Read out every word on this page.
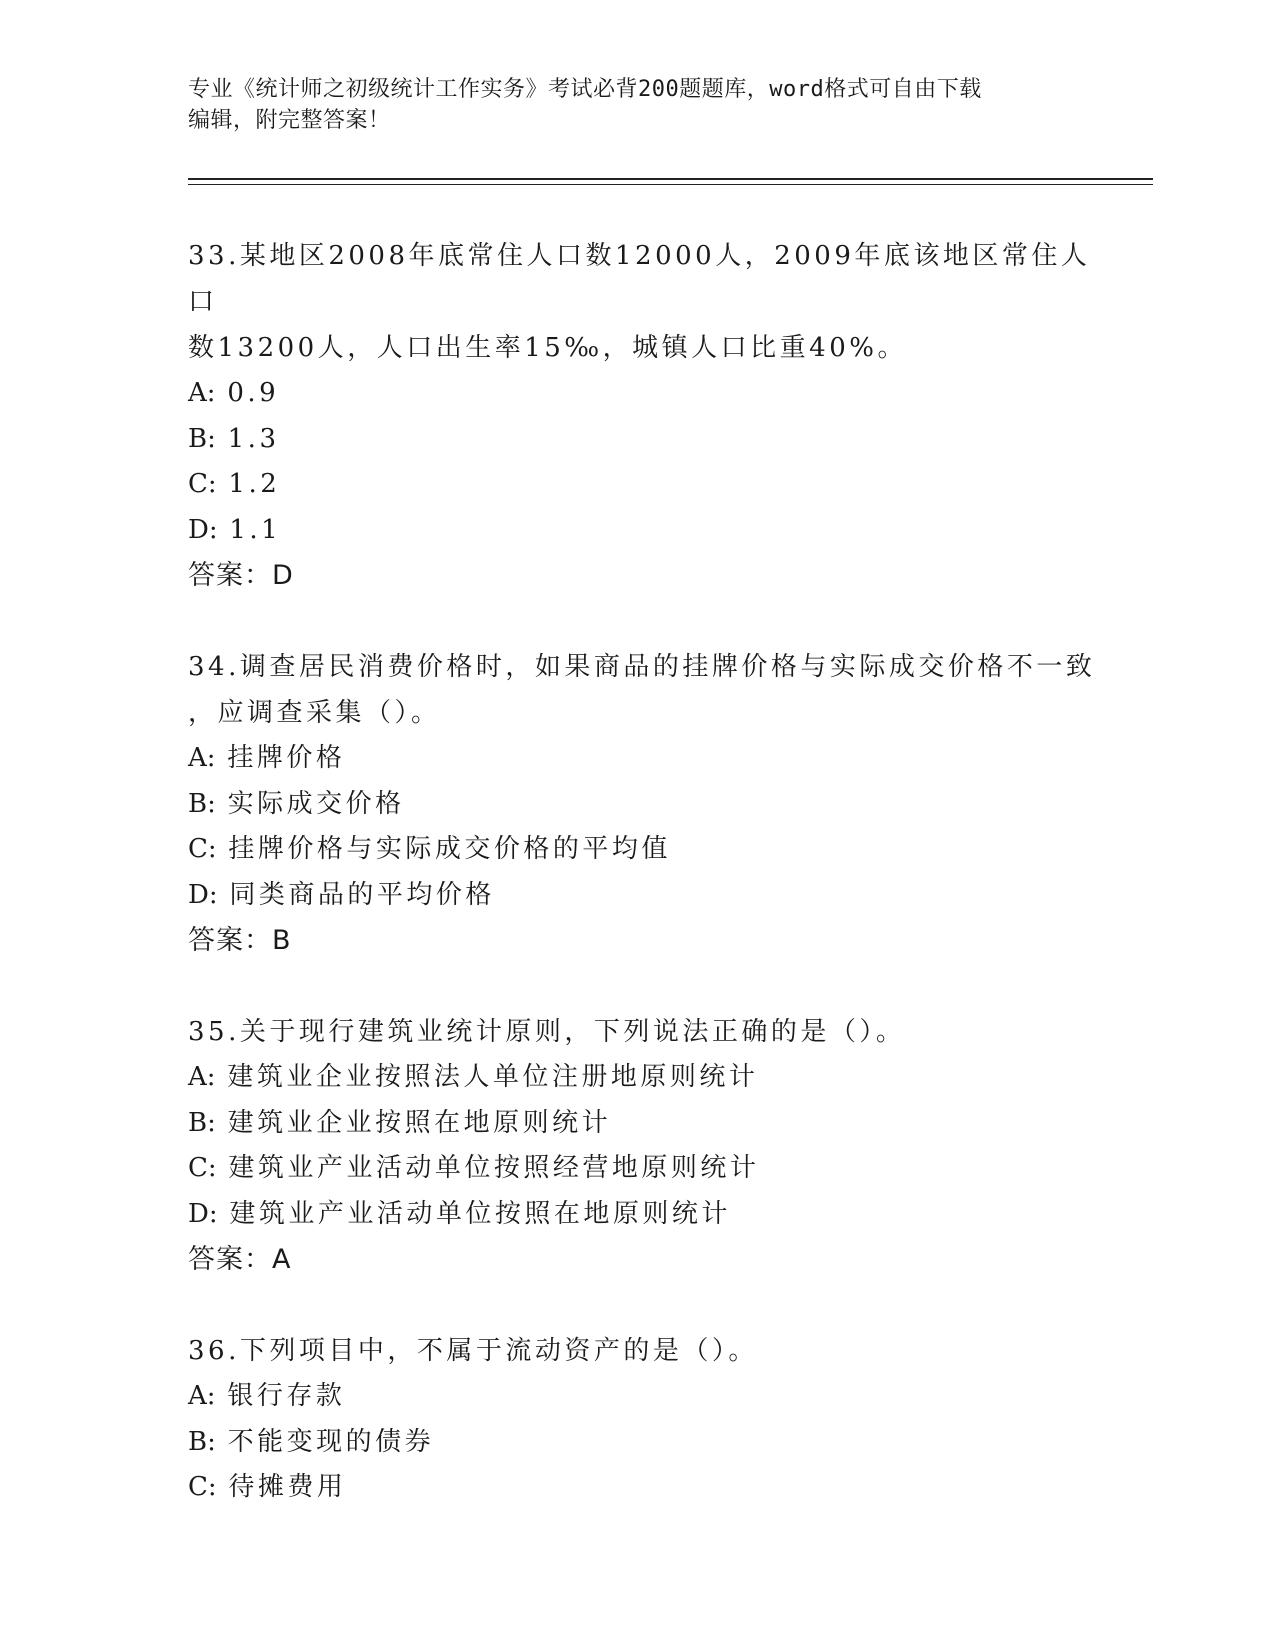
专业《统计师之初级统计工作实务》考试必背200题题库，word格式可自由下载
编辑，附完整答案！
33.某地区2008年底常住人口数12000人，2009年底该地区常住人口
数13200人，人口出生率15‰，城镇人口比重40%。
A: 0.9
B: 1.3
C: 1.2
D: 1.1
答案：D
34.调查居民消费价格时，如果商品的挂牌价格与实际成交价格不一致
，应调查采集（）。
A: 挂牌价格
B: 实际成交价格
C: 挂牌价格与实际成交价格的平均值
D: 同类商品的平均价格
答案：B
35.关于现行建筑业统计原则，下列说法正确的是（）。
A: 建筑业企业按照法人单位注册地原则统计
B: 建筑业企业按照在地原则统计
C: 建筑业产业活动单位按照经营地原则统计
D: 建筑业产业活动单位按照在地原则统计
答案：A
36.下列项目中，不属于流动资产的是（）。
A: 银行存款
B: 不能变现的债券
C: 待摊费用
